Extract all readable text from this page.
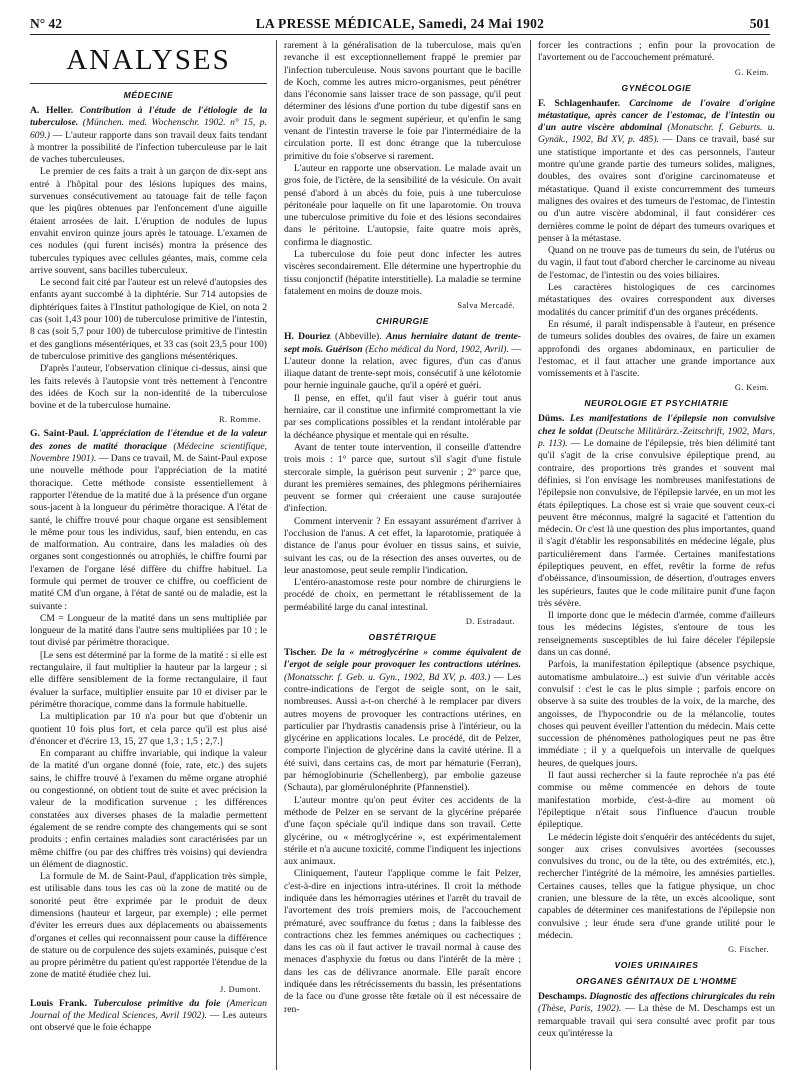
N° 42	LA PRESSE MÉDICALE, Samedi, 24 Mai 1902	501
ANALYSES
MÉDECINE

A. Heller. Contribution à l'étude de l'étiologie de la tuberculose. (München. med. Wochenschr. 1902. n° 15, p. 609.) — L'auteur rapporte dans son travail deux faits tendant à montrer la possibilité de l'infection tuberculeuse par le lait de vaches tuberculeuses.

Le premier de ces faits a trait à un garçon de dix-sept ans entré à l'hôpital pour des lésions lupiques des mains, survenues consécutivement au tatouage fait de telle façon que les piqûres obtenues par l'enfoncement d'une aiguille étaient arrosées de lait. L'éruption de nodules de lupus envahit environ quinze jours après le tatouage. L'examen de ces nodules (qui furent incisés) montra la présence des tubercules typiques avec cellules géantes, mais, comme cela arrive souvent, sans bacilles tuberculeux.

Le second fait cité par l'auteur est un relevé d'autopsies des enfants ayant succombé à la diphtérie. Sur 714 autopsies de diphtériques faites à l'Institut pathologique de Kiel, on nota 2 cas (soit 1,43 pour 100) de tuberculose primitive de l'intestin, 8 cas (soit 5,7 pour 100) de tuberculose primitive de l'intestin et des ganglions mésentériques, et 33 cas (soit 23,5 pour 100) de tuberculose primitive des ganglions mésentériques.

D'après l'auteur, l'observation clinique ci-dessus, ainsi que les faits relevés à l'autopsie vont très nettement à l'encontre des idées de Koch sur la non-identité de la tuberculose bovine et de la tuberculose humaine.

R. Romme.

G. Saint-Paul. L'appréciation de l'étendue et de la valeur des zones de matité thoracique (Médecine scientifique, Novembre 1901). — Dans ce travail, M. de Saint-Paul expose une nouvelle méthode pour l'appréciation de la matité thoracique. Cette méthode consiste essentiellement à rapporter l'étendue de la matité due à la présence d'un organe sous-jacent à la longueur du périmètre thoracique. A l'état de santé, le chiffre trouvé pour chaque organe est sensiblement le même pour tous les individus, sauf, bien entendu, en cas de malformation. Au contraire, dans les maladies où des organes sont congestionnés ou atrophiés, le chiffre fourni par l'examen de l'organe lésé diffère du chiffre habituel. La formule qui permet de trouver ce chiffre, ou coefficient de matité CM d'un organe, à l'état de santé ou de maladie, est la suivante :

CM = Longueur de la matité dans un sens multipliée par longueur de la matité dans l'autre sens multipliées par 10 ; le tout divisé par périmètre thoracique.

[Le sens est déterminé par la forme de la matité : si elle est rectangulaire, il faut multiplier la hauteur par la largeur ; si elle diffère sensiblement de la forme rectangulaire, il faut évaluer la surface, multiplier ensuite par 10 et diviser par le périmètre thoracique, comme dans la formule habituelle.

La multiplication par 10 n'a pour but que d'obtenir un quotient 10 fois plus fort, et cela parce qu'il est plus aisé d'énoncer et d'écrire 13, 15, 27 que 1,3 ; 1,5 ; 2,7.]

En comparant au chiffre invariable, qui indique la valeur de la matité d'un organe donné (foie, rate, etc.) des sujets sains, le chiffre trouvé à l'examen du même organe atrophié ou congestionné, on obtient tout de suite et avec précision la valeur de la modification survenue ; les différences constatées aux diverses phases de la maladie permettent également de se rendre compte des changements qui se sont produits ; enfin certaines maladies sont caractérisées par un même chiffre (ou par des chiffres très voisins) qui deviendra un élément de diagnostic.

La formule de M. de Saint-Paul, d'application très simple, est utilisable dans tous les cas où la zone de matité ou de sonorité peut être exprimée par le produit de deux dimensions (hauteur et largeur, par exemple) ; elle permet d'éviter les erreurs dues aux déplacements ou abaissements d'organes et celles qui reconnaissent pour cause la différence de stature ou de corpulence des sujets examinés, puisque c'est au propre périmètre du patient qu'est rapportée l'étendue de la zone de matité étudiée chez lui.

J. Dumont.

Louis Frank. Tuberculose primitive du foie (American Journal of the Medical Sciences, Avril 1902). — Les auteurs ont observé que le foie échappe

rarement à la généralisation de la tuberculose, mais qu'en revanche il est exceptionnellement frappé le premier par l'infection tuberculeuse. Nous savons pourtant que le bacille de Koch, comme les autres micro-organismes, peut pénétrer dans l'économie sans laisser trace de son passage, qu'il peut déterminer des lésions d'une portion du tube digestif sans en avoir produit dans le segment supérieur, et qu'enfin le sang venant de l'intestin traverse le foie par l'intermédiaire de la circulation porte. Il est donc étrange que la tuberculose primitive du foie s'observe si rarement.

L'auteur en rapporte une observation. Le malade avait un gros foie, de l'ictère, de la sensibilité de la vésicule. On avait pensé d'abord à un abcès du foie, puis à une tuberculose péritonéale pour laquelle on fit une laparotomie. On trouva une tuberculose primitive du foie et des lésions secondaires dans le péritoine. L'autopsie, faite quatre mois après, confirma le diagnostic.

La tuberculose du foie peut donc infecter les autres viscères secondairement. Elle détermine une hypertrophie du tissu conjonctif (hépatite interstitielle). La maladie se termine fatalement en moins de douze mois.

Salva Mercadé.
CHIRURGIE

H. Douriez (Abbeville). Anus herniaire datant de trente-sept mois. Guérison (Echo médical du Nord, 1902, Avril). — L'auteur donne la relation, avec figures, d'un cas d'anus iliaque datant de trente-sept mois, consécutif à une kélotomie pour hernie inguinale gauche, qu'il a opéré et guéri.

Il pense, en effet, qu'il faut viser à guérir tout anus herniaire, car il constitue une infirmité compromettant la vie par ses complications possibles et la rendant intolérable par la déchéance physique et mentale qui en résulte.

Avant de tenter toute intervention, il conseille d'attendre trois mois : 1° parce que, surtout s'il s'agit d'une fistule stercorale simple, la guérison peut survenir ; 2° parce que, durant les premières semaines, des phlegmons périherniaires peuvent se former qui créeraient une cause surajoutée d'infection.

Comment intervenir ? En essayant assurément d'arriver à l'occlusion de l'anus. A cet effet, la laparotomie, pratiquée à distance de l'anus pour évoluer en tissus sains, et suivie, suivant les cas, ou de la résection des anses ouvertes, ou de leur anastomose, peut seule remplir l'indication.

L'entéro-anastomose reste pour nombre de chirurgiens le procédé de choix, en permettant le rétablissement de la perméabilité large du canal intestinal.

D. Estradaut.
OBSTÉTRIQUE

Tischer. De la « métroglycérine » comme équivalent de l'ergot de seigle pour provoquer les contractions utérines. (Monatsschr. f. Geb. u. Gyn., 1902, Bd XV, p. 403.) — Les contre-indications de l'ergot de seigle sont, on le sait, nombreuses. Aussi a-t-on cherché à le remplacer par divers autres moyens de provoquer les contractions utérines, en particulier par l'hydrastis canadensis prise à l'intérieur, ou la glycérine en applications locales. Le procédé, dit de Pelzer, comporte l'injection de glycérine dans la cavité utérine. Il a été suivi, dans certains cas, de mort par hématurie (Ferran), par hémoglobinurie (Schellenberg), par embolie gazeuse (Schauta), par glomérulonéphrite (Pfannenstiel).

L'auteur montre qu'on peut éviter ces accidents de la méthode de Pelzer en se servant de la glycérine préparée d'une façon spéciale qu'il indique dans son travail. Cette glycérine, ou « métroglycérine », est expérimentalement stérile et n'a aucune toxicité, comme l'indiquent les injections aux animaux.

Cliniquement, l'auteur l'applique comme le fait Pelzer, c'est-à-dire en injections intra-utérines. Il croit la méthode indiquée dans les hémorragies utérines et l'arrêt du travail de l'avortement des trois premiers mois, de l'accouchement prématuré, avec souffrance du fœtus ; dans la faiblesse des contractions chez les femmes anémiques ou cachectiques ; dans les cas où il faut activer le travail normal à cause des menaces d'asphyxie du fœtus ou dans l'intérêt de la mère ; dans les cas de délivrance anormale. Elle paraît encore indiquée dans les rétrécissements du bassin, les présentations de la face ou d'une grosse tête fœtale où il est nécessaire de ren-

forcer les contractions ; enfin pour la provocation de l'avortement ou de l'accouchement prématuré.

G. Keim.
GYNÉCOLOGIE

F. Schlagenhaufer. Carcinome de l'ovaire d'origine métastatique, après cancer de l'estomac, de l'intestin ou d'un autre viscère abdominal (Monatschr. f. Geburts. u. Gynäk., 1902, Bd XV, p. 485). — Dans ce travail, basé sur une statistique importante et des cas personnels, l'auteur montre qu'une grande partie des tumeurs solides, malignes, doubles, des ovaires sont d'origine carcinomateuse et métastatique. Quand il existe concurremment des tumeurs malignes des ovaires et des tumeurs de l'estomac, de l'intestin ou d'un autre viscère abdominal, il faut considérer ces dernières comme le point de départ des tumeurs ovariques et penser à la métastase.

Quand on ne trouve pas de tumeurs du sein, de l'utérus ou du vagin, il faut tout d'abord chercher le carcinome au niveau de l'estomac, de l'intestin ou des voies biliaires.

Les caractères histologiques de ces carcinomes métastatiques des ovaires correspondent aux diverses modalités du cancer primitif d'un des organes précédents.

En résumé, il paraît indispensable à l'auteur, en présence de tumeurs solides doubles des ovaires, de faire un examen approfondi des organes abdominaux, en particulier de l'estomac, et il faut attacher une grande importance aux vomissements et à l'ascite.

G. Keim.
NEUROLOGIE ET PSYCHIATRIE

Düms. Les manifestations de l'épilepsie non convulsive chez le soldat (Deutsche Militärärz.-Zeitschrift, 1902, Mars, p. 113). — Le domaine de l'épilepsie, très bien délimité tant qu'il s'agit de la crise convulsive épileptique prend, au contraire, des proportions très grandes et souvent mal définies, si l'on envisage les nombreuses manifestations de l'épilepsie non convulsive, de l'épilepsie larvée, en un mot les états épileptiques. La chose est si vraie que souvent ceux-ci peuvent être méconnus, malgré la sagacité et l'attention du médecin. Or c'est là une question des plus importantes, quand il s'agit d'établir les responsabilités en médecine légale, plus particulièrement dans l'armée. Certaines manifestations épileptiques peuvent, en effet, revêtir la forme de refus d'obéissance, d'insoumission, de désertion, d'outrages envers les supérieurs, fautes que le code militaire punit d'une façon très sévère.

Il importe donc que le médecin d'armée, comme d'ailleurs tous les médecins légistes, s'entoure de tous les renseignements susceptibles de lui faire déceler l'épilepsie dans un cas donné.

Parfois, la manifestation épileptique (absence psychique, automatisme ambulatoire...) est suivie d'un véritable accès convulsif : c'est le cas le plus simple ; parfois encore on observe à sa suite des troubles de la voix, de la marche, des angoisses, de l'hypocondrie ou de la mélancolie, toutes choses qui peuvent éveiller l'attention du médecin. Mais cette succession de phénomènes pathologiques peut ne pas être immédiate ; il y a quelquefois un intervalle de quelques heures, de quelques jours.

Il faut aussi rechercher si la faute reprochée n'a pas été commise ou même commencée en dehors de toute manifestation morbide, c'est-à-dire au moment où l'épileptique n'était sous l'influence d'aucun trouble épileptique.

Le médecin légiste doit s'enquérir des antécédents du sujet, songer aux crises convulsives avortées (secousses convulsives du tronc, ou de la tête, ou des extrémités, etc.), rechercher l'intégrité de la mémoire, les amnésies partielles. Certaines causes, telles que la fatigue physique, un choc cranien, une blessure de la tête, un excès alcoolique, sont capables de déterminer ces manifestations de l'épilepsie non convulsive ; leur étude sera d'une grande utilité pour le médecin.

G. Fischer.
VOIES URINAIRES
ORGANES GÉNITAUX DE L'HOMME

Deschamps. Diagnostic des affections chirurgicales du rein (Thèse, Paris, 1902). — La thèse de M. Deschamps est un remarquable travail qui sera consulté avec profit par tous ceux qu'intéresse la
